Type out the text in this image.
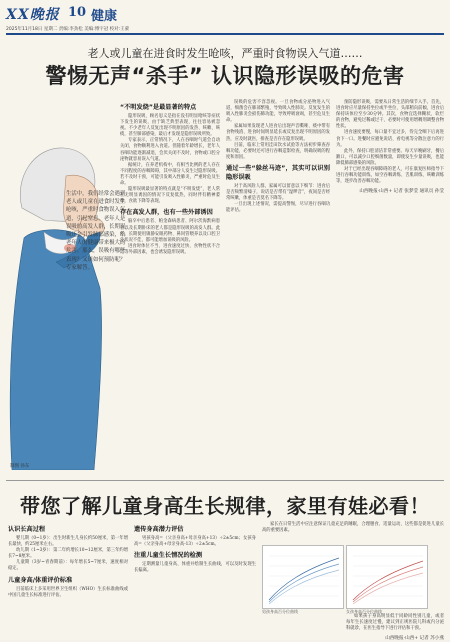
XX晚报 10 健康
2025年11月18日 星期二 责编:李劲松 美编:傅宇冠 校对:王蒙
老人或儿童在进食时发生呛咳，严重时食物误入气道……
警惕无声“杀手” 认识隐形误吸的危害
生活中，我们经常会遇到老人或儿童在进食时发生呛咳，严重时食物误入气道，引起窒息。老年人是误吸的高发人群，长期误吸还会引发肺部感染，给老年人的健康带来极大的危害。那么，误吸有哪些表现？又该如何预防呢？专家解答。
制图 孙东
“不明发烧”是最显著的特点

隐形误吸，顾名思义是指在没有明显呛咳等症状下发生的误吸，由于缺乏典型表现，往往容易被忽视。不少老年人反复出现不明原因的发热、咳嗽、咳痰，甚至肺部感染，最后才发现是隐形误吸所致。

专家表示，正常情况下，人在吞咽时气道会自动关闭，食物顺利进入食道。但随着年龄增长，老年人吞咽功能逐渐减退，会厌关闭不及时，食物或口腔分泌物就容易误入气道。

据统计，在养老机构中，有相当比例的老人存在不同程度的吞咽障碍，其中部分人发生过隐形误吸。若不及时干预，可能引发吸入性肺炎，严重时危及生命。

隐形误吸最显著的特点就是“不明发烧”，老人常在无明显诱因的情况下反复低热，同时伴有精神萎靡、食欲下降等表现。

存在高发人群，也有一些外部诱因

脑卒中后患者、帕金森病患者、阿尔茨海默病患者以及长期卧床的老人都是隐形误吸的高发人群。此外，长期使用镇静安眠药物、鼻饲管喂养以及口腔卫生状况不佳，都可能增加误吸的风险。

进食时体位不当、进食速度过快、食物性状不合适等外部因素，也会诱发隐形误吸。

误吸的危害不容忽视。一旦食物或分泌物进入气道，细菌会在肺部繁殖，导致吸入性肺炎。反复发生的吸入性肺炎会损伤肺功能，导致呼吸衰竭，甚至危及生命。

家属如果发现老人进食后出现声音嘶哑、痰中带有食物残渣、进食时间明显延长或反复出现不明原因的发热，应及时就医，排查是否存在隐形误吸。

目前，临床上常用洼田饮水试验等方法初步筛查吞咽功能，必要时还可进行吞咽造影检查，明确误吸的程度和原因。

通过一些“躲丝马迹”，其实可以识别隐形误吸

对于高风险人群，家属可以留意以下细节：进食后是否频繁清嗓子，说话是否带有“湿啰音”，夜间是否经常咳嗽，体重是否莫名下降等。

一旦出现上述情况，需提高警惕，尽早进行吞咽功能评估。

预防隐形误吸，需要从日常生活的细节入手。首先，进食时应尽量保持坐位或半坐位，头部稍向前倾，进食后保持该体位至少30分钟。其次，食物宜选择糊状、软烂的食物，避免过稀或过干，必要时可使用增稠剂调整食物性状。

进食速度要慢，每口量不宜过多，待完全咽下后再进食下一口。进餐时应避免说话、看电视等分散注意力的行为。

此外，保持口腔清洁非常重要。每天早晚刷牙，餐后漱口，可以减少口腔细菌数量，即使发生少量误吸，也能降低肺部感染的风险。

对于已经出现吞咽障碍的老人，可在康复医师指导下进行吞咽功能训练，如空吞咽训练、舌肌训练、咳嗽训练等，逐步改善吞咽功能。

山西晚报·山西+ 记者 张梦莹 通讯员 孙莹
带您了解儿童身高生长规律，家里有娃必看！
认识长高过程

婴儿期（0~1岁）：出生时新生儿身长约50厘米，第一年增长最快，约25厘米左右。

幼儿期（1~3岁）：第二年约增长10~12厘米，第三年约增长7~8厘米。

儿童期（3岁~青春期前）：每年增长5~7厘米，速度相对稳定。

儿童身高/体重评价标准

目前临床上多采用世界卫生组织（WHO）生长标准曲线或中国儿童生长标准进行评估。

遗传身高潜力评估

男孩身高=（父亲身高+母亲身高+13）÷2±5cm；女孩身高=（父亲身高+母亲身高-13）÷2±5cm。

注重儿童生长情况的检测

定期测量儿童身高、体重并绘制生长曲线，可以及时发现生长偏离。

男孩身高百分位曲线	女孩身高百分位曲线

家长在日常生活中应注意保证儿童充足的睡眠，合理膳食、适量运动，这些都是促进儿童长高的重要因素。

如果孩子身高明显低于同龄同性别儿童，或者每年生长速度过慢，建议到正规医院儿科或内分泌科就诊，在医生指导下进行评估和干预。

山西晚报·山西+ 记者 苏小燕
